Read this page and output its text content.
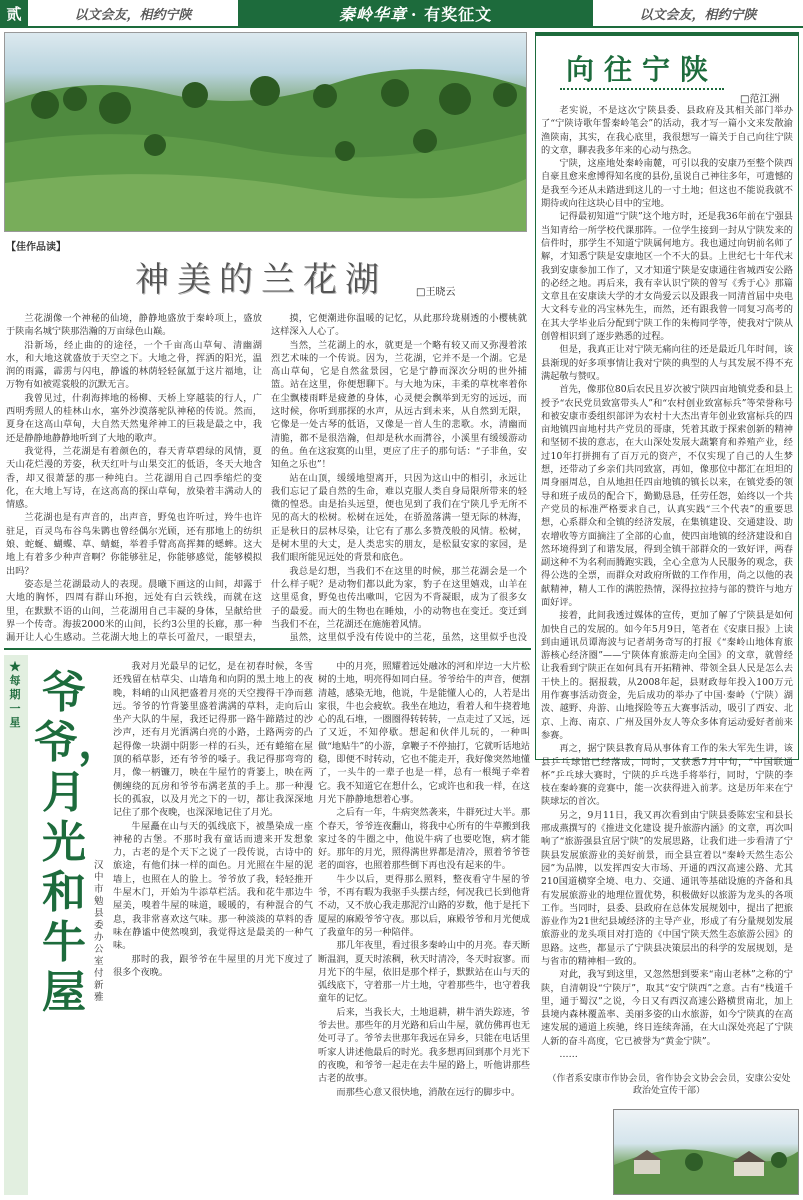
贰	以文会友，相约宁陕	秦岭华章 · 有奖征文	以文会友，相约宁陕
【佳作品读】
神美的兰花湖	□王晓云

兰花湖像一个神秘的仙境，静静地盛放于秦岭项上，盛放于陕南名城宁陕那浩瀚的万亩绿色山巅。

沿新场，经止曲的的途径，一个千亩高山草甸、清幽湖水，和大地这就盛放于天空之下。大地之骨，挥洒的阳光，温润的雨露，霹雳与闪电，静谧的林荫轻轻氤氲于这片福地，让万物有如被霓裳般的沉默无言。

我曾见过，什刹海摔地的杨柳、天桥上穿越装的行人，广西明秀照人的桂林山水，塞外沙漠落驼队神秘的传说。然而，夏身在这高山草甸，大自然天然鬼斧神工的巨栽是最之中，我还是静静地静静地听到了大地的歌声。

我觉得，兰花湖是有着颜色的，春天青草碧绿的风情，夏天山花烂漫的芳姿，秋天红叶与山果交汇的低语，冬天大地含香，却又很萧瑟的那一种纯白。兰花湖用自己四季缩烂的变化，在大地上写诗，在这高高的探山草甸，放染着丰满动人的情感。

兰花湖也是有声音的，出声音，野兔也许听过，羚牛也许驻足，百灵鸟布谷鸟朱鹮也曾经偶尔光顾，还有那地上的纺织娘、蛇蜒、蝴蝶、草、蜻蜓，举着手臂高高挥舞的蟋蟀。这大地上有着多少种声音啊？你能够驻足，你能够感觉，能够模拟出吗？

姿态是兰花湖最动人的表现。晨曦下画这的山间，却露于大地的胸怀，四周有群山环抱，远处有白云铁线，而就在这里，在默默不语的山间，兰花湖用自己丰凝的身体，呈献给世界一个传奇。海拔2000米的山间，长约3公里的长廊，那一种漏开让人心生感动。兰花湖大地上的草长可盈尺，一眼望去，

摸，它便潮进你温暖的记忆，从此那玲珑剔透的小樱桃就这样深入人心了。

当然，兰花湖上的水，就更是一个略有较又而又弥漫着浓烈艺术味的一个传说。因为，兰花湖，它并不是一个湖。它是高山草甸，它是自然盆景园，它是宁静而深次分明的世外捕篮。站在这里，你便想聊下。与大地为床，丰柔的草枕率着你在尘飘楼雨畔是疲惫的身体，心灵便会飘举到无穷的远远，而这时候，你听到那探的水声，从远古到未来，从自然到无限，它像是一处古琴的低语，又像是一首人生的悲歌。水，清幽而清脆，都不是很浩瀚，但却是秋水而潸谷，小溪里有缓缓游动的鱼。鱼在这寂寞的山里，更应了庄子的那句话：“子非鱼，安知鱼之乐也”！

站在山顶，缓缓地望离开，只因为这山中的相引，永远让我们忘记了最自然的生命，难以克服人类自身局限所带来的轻微的惶恐。由是抬头远望，便也见到了我们在宁陕几乎无所不见的高大的松树。松树在远处，在骄盈落满一望无际的林海，正是秋日的层林尽染，让它有了那么多赞茂般的风情。松树，是树木里的大丈，是人类忠实的朋友，是松鼠安家的家园，是我们眼所能见远处的背景和底色。

我总是幻想，当我们不在这里的时候，那兰花湖会是一个什么样子呢？是动物们都以此为家，豹子在这里嬉戏，山羊在这里觅食，野兔也传出嗽叫，它因为不背凝眼，成为了很多女子的最爱。而大的生物也在睡烛，小的动物也在变迁。变迁到当我们不在，兰花湖还在施施着风情。

虽然，这里似乎没有传说中的兰花，虽然，这里似乎也没

向往宁陕
□范江洲

老实说，不是这次宁陕县委、县政府及其相关部门举办了“宁陕诗歌年誓秦岭笔会”的活动，我才写一篇小文来发散渝渔陕南，其实，在我心底里，我很想写一篇关于自己向往宁陕的文章，聊表我多年来的心动与热念。

宁陕，这座地处秦岭南麓，可引以我的安康乃至整个陕西自豪且愈来愈博得知名度的县份,虽说自己神往多年，可遗憾的是我至今还从未踏进到这儿的一寸土地；但这也不能说我就不期待或向往这块心目中的宝地。

记得最初知道“宁陕”这个地方时，还是我36年前在宁强县当知青给一所学校代课那阵。一位学生接到一封从宁陕发来的信件时，那学生不知道宁陕属何地方。我也通过向钥前名师了解，才知悉宁陕是安康地区一个不大的县。上世纪七十年代末我到安康参加工作了，又才知道宁陕是安康通往省城西安公路的必经之地。再后来，我有幸认识宁陕的曾写《秀于心》那篇文章且在安康读大学的才女尚爱云以及跟我一同清首届中央电大文科专业的冯宝林先生，而然，还有跟我曾一同复习高考的在其大学毕业后分配到宁陕工作的朱梅同学等，使我对宁陕从创曾相识到了逐步熟悉的过程。

但是，我真正让对宁陕无痛向往的还是最近几年时间，该县渐现的好多项事情让我对宁陕的典型的人与其发展不得不充满起敬与赞叹。

首先，像那位80后农民且岁次被宁陕四亩地镇党委和县上授予“农民党员致富带头人”和“农村创业致富标兵”等荣誉称号和被安康市委组织部评为农村十大杰出青年创业致富标兵的四亩地镇四亩地村共产党员的哥康，凭着其敢于探索创新的精神和坚韧不拔的意志，在大山深处发展大蔬繁育和养殖产业，经过10年打拼拥有了百万元的资产，不仅实现了自己的人生梦想，还带动了乡亲们共同致富，再如，像那位中都汇在坦坦的周身丽周总，自从地担任四亩地镇的镇长以来，在镇党委的领导和班子成员的配合下，勤勤恳恳，任劳任怨，始终以一个共产党员的标准严格要求自己，认真实践“三个代表”的重要思想，心系群众和全镇的经济发展，在集镇建设、交通建设、助农增收等方面摘注了全部的心血，使四亩地镇的经济建设和自然环境得到了和谐发展，得到全镇干部群众的一致好评，两春副这种不为名利而腾跑实践，全心全意为人民服务的观念，获得公选的全票，而群众对政府所做的工作作用，尚之以他的表献精神，精人工作的满腔热情，深得拉拉持与部的赞许与地方面好评。

接着，此间我透过媒体的宣传，更加了解了宁陕县是如何加快自己的发展的。如今年5月9日，笔者在《安康日报》上读到由通讯员谭海波与记者胡务奇写的打报《“秦岭山地体育旅游核心经济圈”——宁陕体育旅游走向全国》的文章，就曾经让我看到宁陕正在如何具有开拓精神、带领全县人民是怎么去干快上的。据报载，从2008年起，县财政每年投入100万元用作赛事活动资金，先后成功的举办了中国·秦岭（宁陕）湖泼、越野、舟游、山地探险等五大赛事活动，吸引了西安、北京、上海、南京、广州及国外友人等众多体育运动爱好者前来参赛。

再之，据宁陕县教育局从事体育工作的朱大军先生讲，该县乒乓球馆已经落成，同时，又获悉7月中旬，“中国联通杯”乒乓球大赛时，宁陕的乒乓选手将举行，同时，宁陕的李枝在秦岭赛的竞赛中，能一次获得进入前茅。这是历年来在宁陕球坛的首次。

另之，9月11日，我又再次看到由宁陕县委陈宏宝和县长邢成燕撰写的《推进文化建设 提升旅游内涵》的文章，再次叫响了“旅游强县宜居宁陕”的发展思路，让我们进一步看清了宁陕县发展旅游业的美好前景，而全县宣着以“秦岭天然生态公园”为品牌，以发挥西安大市场、开通的西汉高速公路、尤其210国道横穿全境、电力、交通、通讯等基础设施的齐备和具有发展旅游业的地理位置优势，积极做好以旅游为龙头的各项工作。当同时，县委、县政府在总体发展规划中，提出了把旅游业作为21世纪县域经济的主导产业，形成了有分量规划发展旅游业的龙头项目对打造的《中国宁陕天然生态旅游公园》的思路。这些，都显示了宁陕县决策层出的科学的发展规划，是与省市的精神相一致的。

对此，我写到这里，又忽然想到要来“南山老林”之称的宁陕，自清朝设“宁陕厅”，取其“安宁陕西”之意。古有“栈道千里，通于蜀汉”之说，今日又有西汉高速公路横贯南北，加上县境内森林覆盖率、美丽多姿的山水旅游，如今宁陕真的在高速发展的通道上疾驰，终日连续奔涌，在大山深处亮起了宁陕人新的奋斗高度，它已被誉为“黄金宁陕”。

……

（作者系安康市作协会员，省作协会文协会会员，安康公安处政治处宣传干部）
★每期一星
爷爷，月光和牛屋
汉中市勉县委办公室 付新雅

我对月光最早的记忆，是在初春时候，冬雪还残留在枯草尖、山墙角和向阴的黑土地上的夜晚，料峭的山风把盛着月亮的天空搜得干净而慈远。爷爷的竹背篓里盛着满满的草料，走向后山坐产大队的牛屋，我还记得那一路牛蹄踏过的沙沙声，还有月光洒满白亮的小路，土路两旁的凸起得像一块湖中阴影一样的石头，还有蜷缩在屋顶的稻草影，还有爷爷的嗓子。我记得那弯弯的月，像一柄镰刀，映在牛屋竹的背篓上，映在两侧缠绕的瓦房和爷爷布满老茧的手上。那一种漫长的孤寂，以及月光之下的一切，都让我深深地记住了那个夜晚，也深深地记住了月光。

牛屋矗在山与天的弧线底下，被墨染成一座神秘的古堡。不那时我有童话而遗来开发想象力，古老的是个天下之说了一段传说，古诗中的旅途，有他们抹一样的面色。月光照在牛屋的泥墙上，也照在人的脸上。爷爷放了我，轻轻推开牛屋木门，开始为牛添草栏活。我和花牛那边牛屋美，嗅着牛屋的味道，暖暖的，有种混合的气息，我非常喜欢这气味。那一种淡淡的草料的香味在静谧中使然嗅到，我觉得这是最美的一种气味。

那时的我，跟爷爷在牛屋里的月光下度过了很多个夜晚。

中的月亮，照耀着远处融冰的河和岸边一大片松树的土地，明亮得如同白昼。爷爷给牛的声音，便割清越，感染无地，他说，牛是能懂人心的，人若是出家很，牛也会疲软。我坐在地边，看着人和牛挠着地心的乱石堆，一圈圈得转转转，一点走过了又远，远了又近，不知停歇。想起和伙伴儿玩的，一种叫做“地贴牛”的小游，拿鞭子不停抽打，它就听话地站稳，即便不时转动，它也不能走开，我好像突然地懂了，一头牛的一辈子也是一样，总有一根绳子牵着它。我不知道它在想什么，它或许也和我一样，在这月光下静静地想着心事。

之后有一年，牛病突然袭来，牛群死过大半。那个春天，爷爷连夜翻山，将我中心所有的牛草搬到我家过冬的牛圈之中，他说牛病了也要吃饱，病才能好。那年的月光，照得满世界都是清冷，照着爷爷苍老的面容，也照着那些倒下再也没有起来的牛。

牛少以后，更得那么照料，整夜看守牛屋的爷爷，不再有暇为我驱手头摆古经，何况我已长到他背不动，又不放心我走那泥泞山路的岁数，他于是托下厦屋的麻殿爷爷守夜。那以后，麻殿爷爷和月光便成了我童年的另一种陪伴。

那几年夜里，看过很多秦岭山中的月亮。春天断断温润，夏天时浓稠，秋天时清冷，冬天时寂寥。而月光下的牛屋，依旧是那个样子，默默站在山与天的弧线底下，守着那一片土地，守着那些牛，也守着我童年的记忆。

后来，当我长大，土地退耕，耕牛消失踪迹，爷爷去世。那些年的月光路和后山牛屋，就仿佛再也无处可寻了。爷爷去世那年我远在异乡，只能在电话里听家人讲述他最后的时光。我多想再回到那个月光下的夜晚，和爷爷一起走在去牛屋的路上，听他讲那些古老的故事。

而那些心意又很快地，消散在远行的脚步中。
